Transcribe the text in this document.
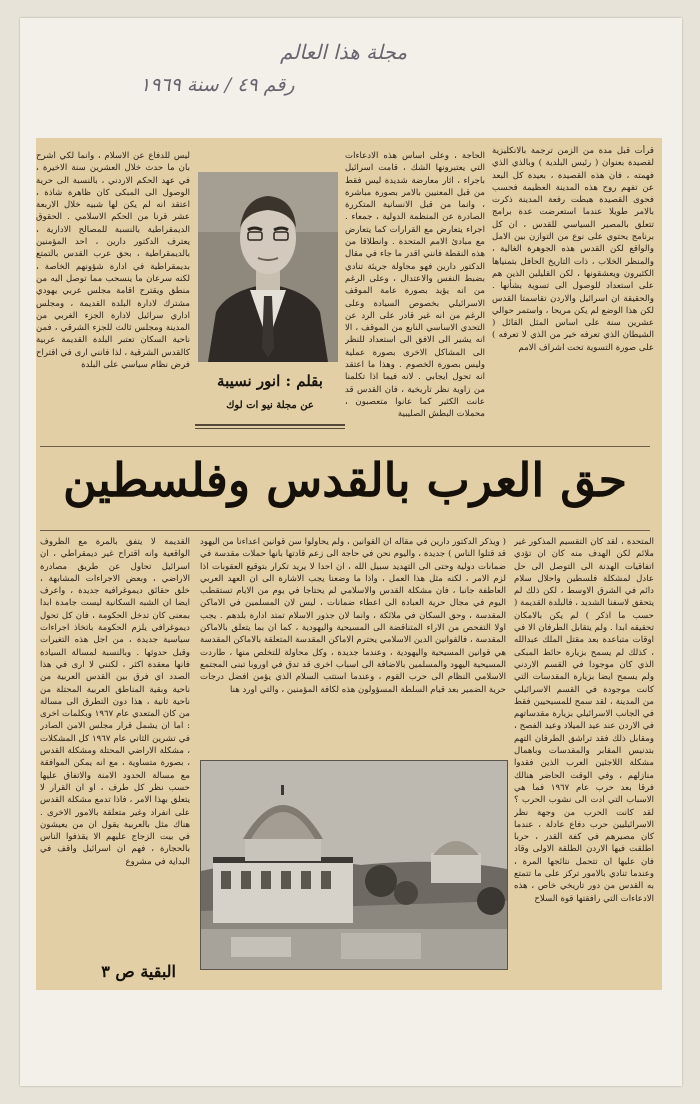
مجلة هذا العالم
رقم ٤٩ / سنة ١٩٦٩

قرأت قبل مدة من الزمن ترجمة بالانكليزية لقصيدة بعنوان ( رئيس البلدية ) وبالذي الذي فهمته ، فان هذه القصيدة ، بعيدة كل البعد عن تفهم روح هذه المدينة العظيمة فحسب فحوى القصيدة هبطت رفعة المدينة ذكرت بالامر طويلا عندما استعرضت عدة برامج تتعلق بالمصير السياسي للقدس ، ان كل برنامج يحتوي على نوع من التوازن بين الامل والواقع لكن القدس هذه الجوهرة الغالية ، والمنظر الخلاب ، ذات التاريخ الحافل بتمنياها الكثيرون ويعشقونها ، لكن القليلين الذين هم على استعداد للوصول الى تسوية بشأنها . والحقيقة ان اسرائيل والاردن تقاسمتا القدس لكن هذا الوضع لم يكن مريحا ، واستمر حوالي عشرين سنة على اساس المثل القائل ( الشيطان الذي تعرفه خير من الذي لا تعرفه ) على صورة التسوية تحت اشراف الامم

الحاجة ، وعلى اساس هذه الادعاءات التي يعتبرونها الشك ، قامت اسرائيل باجراء ، اثار معارضة شديدة ليس فقط من قبل المعنيين بالامر بصورة مباشرة ، وانما من قبل الانسانية المتكررة الصادرة عن المنظمة الدولية ، جمعاء . اجراء يتعارض مع القرارات كما يتعارض مع مبادئ الامم المتحدة . وانطلاقا من هذه النقطة فانني اقدر ما جاء في مقال الدكتور دارين فهو محاولة جريئة تنادي بضبط النفس والاعتدال ، وعلى الرغم من انه يؤيد بصورة عامة الموقف الاسرائيلي بخصوص السيادة وعلى الرغم من انه غير قادر على الرد عن التحدي الاساسي النابع من الموقف ، الا انه يشير الى الافق الى استعداد للنظر الى المشاكل الاخرى بصورة عملية وليس بصورة الخصوم . وهذا ما اعتقد انه تحول ايجابي . لانه فيما اذا تكلمنا من زاوية نظر تاريخية ، فان القدس قد عانت الكثير كما عانوا متعصبون ، محملات البطش الصليبية

ليس للدفاع عن الاسلام ، وانما لكي اشرح بان ما حدث خلال العشرين سنة الاخيرة ، في عهد الحكم الاردني ، بالنسبة الى حرية الوصول الى المبكى كان ظاهرة شاذة ، اعتقد انه لم يكن لها شبيه خلال الاربعة عشر قرنا من الحكم الاسلامي . الحقوق الديمقراطية بالنسبة للمصالح الادارية ، يعترف الدكتور دارين ، احد المؤمنين بالديمقراطية ، بحق عرب القدس بالتمتع بديمقراطية في ادارة شؤونهم الخاصة ، لكنه سرعان ما ينسحب مما توصل اليه من منطق ويقترح اقامة مجلس عربي يهودي مشترك لادارة البلدة القديمة ، ومجلس اداري سرائيل لادارة الجزء الغربي من المدينة ومجلس ثالث للجزء الشرقي ، فمن ناحية السكان تعتبر البلدة القديمة عربية كالقدس الشرقية ، لذا فانني ارى في اقتراح فرض نظام سياسي على البلدة

بقلم : انور نسيبة
عن مجلة نيو ات لوك
حق العرب بالقدس وفلسطين

المتحدة ، لقد كان التقسيم المذكور غير ملائم لكن الهدف منه كان ان تؤدي اتفاقيات الهدنة الى التوصل الى حل عادل لمشكلة فلسطين واحلال سلام دائم في الشرق الاوسط ، لكن ذلك لم يتحقق لاسفنا الشديد ، فالبلدة القديمة ( حسب ما اذكر ) لم يكن بالامكان تحقيقه ابدا . ولم يتقابل الطرفان الا في اوقات متباعدة بعد مقتل الملك عبدالله ، كذلك لم يسمح بزيارة حائط المبكى الذي كان موجودا في القسم الاردني ولم يسمح ايضا بزيارة المقدسات التي كانت موجودة في القسم الاسرائيلي من المدينة ، لقد سمح للمسيحيين فقط في الجانب الاسرائيلي بزيارة مقدساتهم في الاردن عند عيد الميلاد وعيد الفصح ، ومقابل ذلك فقد تراشق الطرفان التهم بتدنيس المقابر والمقدسات وباهمال مشكلة اللاجئين العرب الذين فقدوا منازلهم ، وفي الوقت الحاضر هنالك فرقا بعد حرب عام ١٩٦٧ فما هي الاسباب التي ادت الى نشوب الحرب ؟ لقد كانت الحرب من وجهة نظر الاسرائيليين حرب دفاع عادلة ، عندما كان مصيرهم في كفة القدر ، حربا اطلقت فيها الاردن الطلقة الاولى وقاد فان عليها ان تتحمل نتائجها المرة ، وعندما تنادي بالامور تركز على ما تتمتع به القدس من دور تاريخي خاص ، هذه الادعاءات التي رافقتها قوة السلاح

( ويذكر الدكتور دارين في مقاله ان القوانين ، ولم يحاولوا سن قوانين اعداءنا من اليهود قد قتلوا الناس ) جديدة ، واليوم نحن في حاجة الى زعم قادتها بانها حملات مقدسة في ضمانات دولية وحتى الى التهديد سبيل الله ، ان احدا لا يريد تكرار بتوقيع العقوبات اذا لزم الامر ، لكنه مثل هذا العمل ، واذا ما وضعنا يجب الاشارة الى ان العهد العربي العاطفة جانبا ، فان مشكلة القدس والاسلامي لم يحتاجا في يوم من الايام تستقطب اليوم في مجال حرية العبادة الى اعطاء ضمانات ، ليس لان المسلمين في الاماكن المقدسة ، وحق السكان في ملائكة ، وانما لان جذور الاسلام تمتد ادارة بلدهم . يجب اولا التفحص من الاراء المتناقضة الى المسيحية واليهودية ، كما ان بما يتعلق بالاماكن المقدسة ، فالقوانين الدين الاسلامي يحترم الاماكن المقدسة المتعلقة بالاماكن المقدسة هي قوانين المسيحية واليهودية ، وعندما جديدة ، وكل محاولة للتخلص منها ، طاردت المسيحية اليهود والمسلمين بالاضافة الى اسباب اخرى قد تدق في اوروبا تبنى المجتمع الاسلامي النظام الى حرب القوم ، وعندما استتب السلام الذي يؤمن افضل درجات حرية الضمير بعد قيام السلطة المسؤولون هذه لكافة المؤمنين ، والتي اورد هنا

القديمة لا يتفق بالمرة مع الظروف الواقعية وانه اقتراح غير ديمقراطي ، ان اسرائيل تحاول عن طريق مصادرة الاراضي ، وبعض الاجراءات المشابهة ، خلق حقائق ديموغرافية جديدة ، واعرف ايضا ان الشبه السكانية ليست جامدة ابدا بمعنى كان تدخل الحكومة ، فان كل تحول ديموغرافي يلزم الحكومة باتخاذ اجراءات سياسية جديدة ، من اجل هذه التغيرات وقبل حدوثها . وبالنسبة لمسالة السيادة فانها معقدة اكثر ، لكنني لا ارى في هذا الصدد اي فرق بين القدس العربية من ناحية وبقية المناطق العربية المحتلة من ناحية ثانية ، هذا دون التطرق الى مسالة من كان المتعدي عام ١٩٦٧ وبكلمات اخرى : اما ان يشمل قرار مجلس الامن الصادر في تشرين الثاني عام ١٩٦٧ كل المشكلات ، مشكلة الاراضي المحتلة ومشكلة القدس ، بصورة متساوية ، مع انه يمكن الموافقة مع مسالة الحدود الامنة والاتفاق عليها حسب نظر كل طرف ، او ان القرار لا يتعلق بهذا الامر ، فاذا تدمع مشكلة القدس على انفراد وغير متعلقة بالامور الاخرى . هناك مثل بالعربية يقول ان من يعيشون في بيت الزجاج عليهم الا يقذفوا الناس بالحجارة ، فهم ان اسرائيل واقف في البداية في مشروع

البقية ص ٣
